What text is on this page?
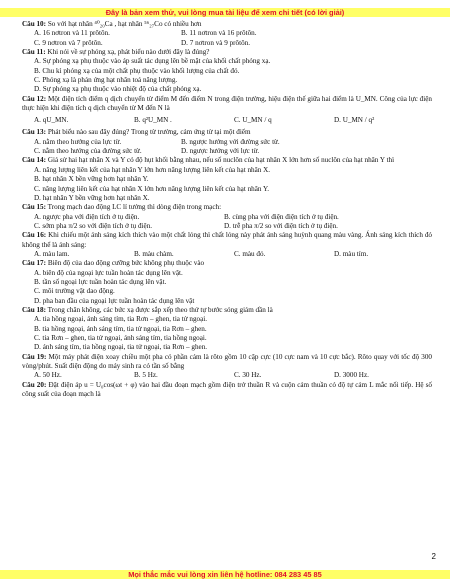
Đây là bản xem thử, vui lòng mua tài liệu để xem chi tiết (có lời giải)

Câu 10: So với hạt nhân ⁴⁰₂₀Ca , hạt nhân ⁵⁶₂₇Co có nhiều hơn

A. 16 nơtron và 11 prôtôn.	B. 11 nơtron và 16 prôtôn.
C. 9 nơtron và 7 prôtôn.	D. 7 nơtron và 9 prôtôn.

Câu 11: Khi nói về sự phóng xạ, phát biểu nào dưới đây là đúng?

A. Sự phóng xạ phụ thuộc vào áp suất tác dụng lên bề mặt của khối chất phóng xạ.

B. Chu kì phóng xạ của một chất phụ thuộc vào khối lượng của chất đó.

C. Phóng xạ là phản ứng hạt nhân toả năng lượng.

D. Sự phóng xạ phụ thuộc vào nhiệt độ của chất phóng xạ.

Câu 12: Một điện tích điểm q dịch chuyển từ điểm M đến điểm N trong điện trường, hiệu điện thế giữa hai điểm là U_MN. Công của lực điện thực hiện khi điện tích q dịch chuyển từ M đến N là

A. qU_MN.	B. q²U_MN .	C. U_MN / q	D. U_MN / q²

Câu 13: Phát biểu nào sau đây đúng? Trong từ trường, cảm ứng từ tại một điểm

A. nằm theo hướng của lực từ.	B. ngược hướng với đường sức từ.
C. nằm theo hướng của đường sức từ.	D. ngược hướng với lực từ.

Câu 14: Giả sử hai hạt nhân X và Y có độ hụt khối bằng nhau, nếu số nuclôn của hạt nhân X lớn hơn số nuclôn của hạt nhân Y thì

A. năng lượng liên kết của hạt nhân Y lớn hơn năng lượng liên kết của hạt nhân X.

B. hạt nhân X bền vững hơn hạt nhân Y.

C. năng lượng liên kết của hạt nhân X lớn hơn năng lượng liên kết của hạt nhân Y.

D. hạt nhân Y bền vững hơn hạt nhân X.

Câu 15: Trong mạch dao động LC lí tưởng thì dòng điện trong mạch:

A. ngược pha với điện tích ở tụ điện.	B. cùng pha với điện điện tích ở tụ điện.
C. sớm pha π/2 so với điện tích ở tụ điện.	D. trễ pha π/2 so với điện tích ở tụ điện.

Câu 16: Khi chiếu một ánh sáng kích thích vào một chất lỏng thì chất lỏng này phát ánh sáng huỳnh quang màu vàng. Ánh sáng kích thích đó không thể là ánh sáng:

A. màu lam.	B. màu chàm.	C. màu đỏ.	D. màu tím.

Câu 17: Biên độ của dao động cưỡng bức không phụ thuộc vào

A. biên độ của ngoại lực tuần hoàn tác dụng lên vật.

B. tần số ngoại lực tuần hoàn tác dụng lên vật.

C. môi trường vật dao động.

D. pha ban đầu của ngoại lực tuần hoàn tác dụng lên vật

Câu 18: Trong chân không, các bức xạ được sắp xếp theo thứ tự bước sóng giảm dần là

A. tia hồng ngoại, ánh sáng tím, tia Rơn – ghen, tia tử ngoại.

B. tia hồng ngoại, ánh sáng tím, tia tử ngoại, tia Rơn – ghen.

C. tia Rơn – ghen, tia tử ngoại, ánh sáng tím, tia hồng ngoại.

D. ánh sáng tím, tia hồng ngoại, tia tử ngoại, tia Rơn – ghen.

Câu 19: Một máy phát điện xoay chiều một pha có phần cảm là rôto gồm 10 cặp cực (10 cực nam và 10 cực bắc). Rôto quay với tốc độ 300 vòng/phút. Suất điện động do máy sinh ra có tần số bằng

A. 50 Hz.	B. 5 Hz.	C. 30 Hz.	D. 3000 Hz.

Câu 20: Đặt điện áp u = U₀cos(ωt + φ) vào hai đầu đoạn mạch gồm điện trở thuần R và cuộn cảm thuần có độ tự cảm L mắc nối tiếp. Hệ số công suất của đoạn mạch là

2
Mọi thắc mắc vui lòng xin liên hệ hotline: 084 283 45 85
